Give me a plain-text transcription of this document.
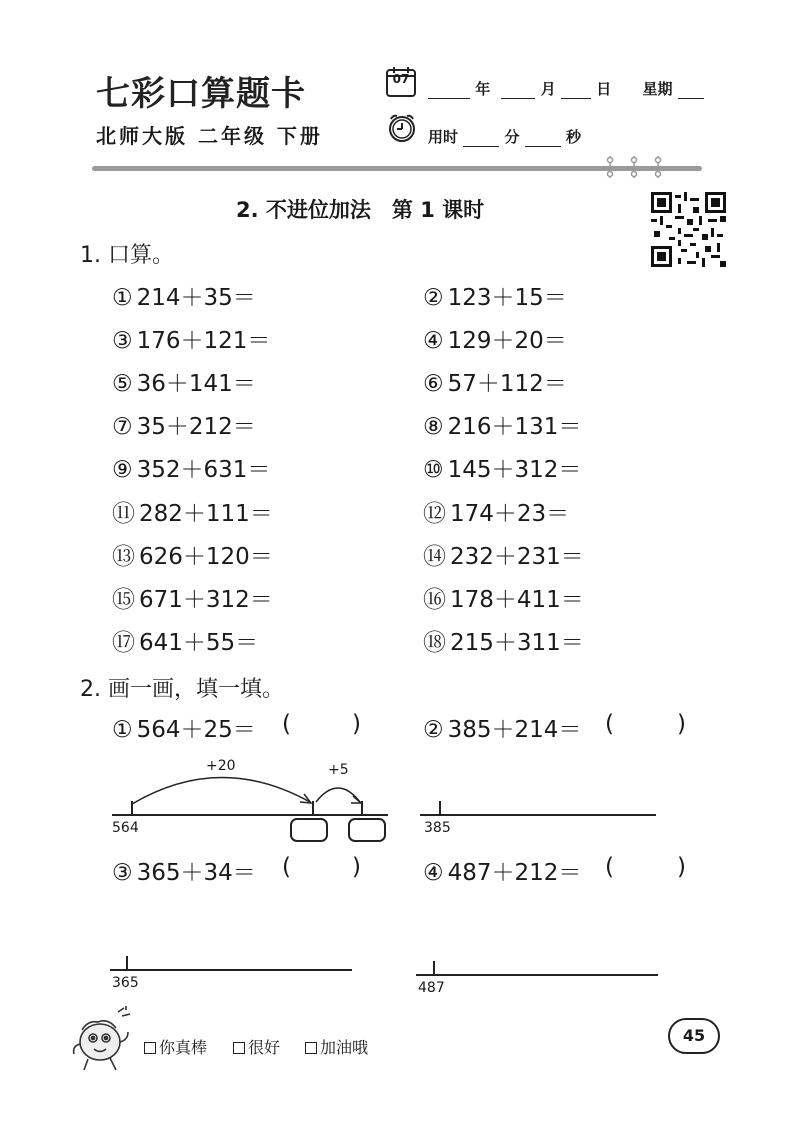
七彩口算题卡
北师大版 二年级 下册
07
年	月	日 星期
用时	分	秒
2. 不进位加法　第 1 课时
1. 口算。
① 214＋35＝	② 123＋15＝
③ 176＋121＝	④ 129＋20＝
⑤ 36＋141＝	⑥ 57＋112＝
⑦ 35＋212＝	⑧ 216＋131＝
⑨ 352＋631＝	⑩ 145＋312＝
⑪ 282＋111＝	⑫ 174＋23＝
⑬ 626＋120＝	⑭ 232＋231＝
⑮ 671＋312＝	⑯ 178＋411＝
⑰ 641＋55＝	⑱ 215＋311＝
2. 画一画，填一填。
① 564＋25＝ (	)	② 385＋214＝ (	)
+20	+5
564	385
③ 365＋34＝ (	)	④ 487＋212＝ (	)
365	487
你真棒	很好	加油哦
45
